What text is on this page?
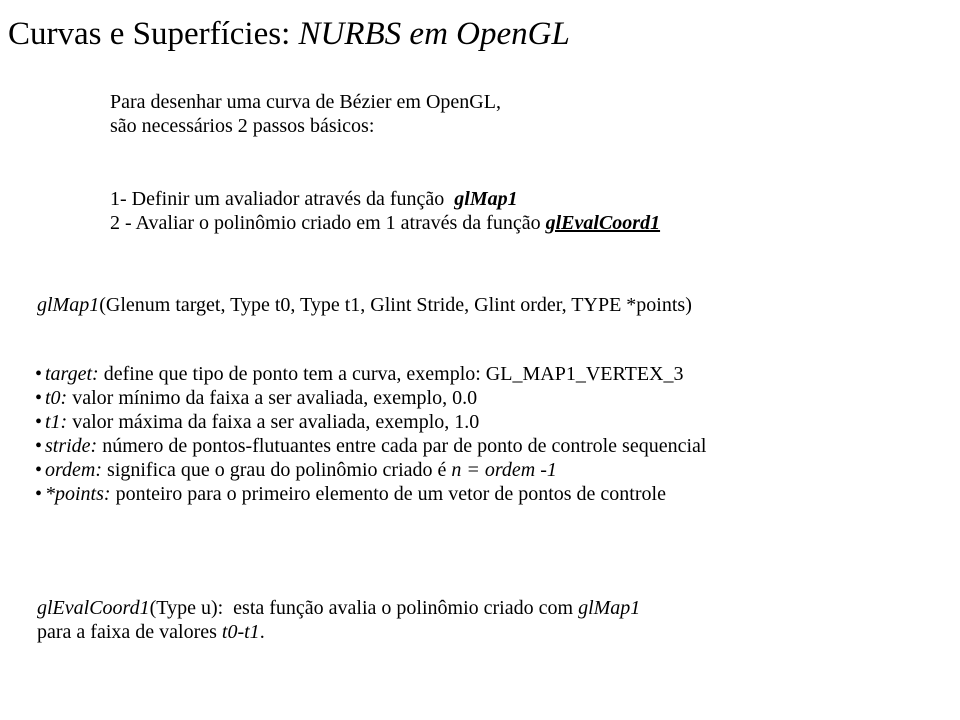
Curvas e Superfícies: NURBS em OpenGL
Para desenhar uma curva de Bézier em OpenGL,
são necessários 2 passos básicos:
1- Definir um avaliador através da função  glMap1
2 - Avaliar o polinômio criado em 1 através da função glEvalCoord1
glMap1(Glenum target, Type t0, Type t1, Glint Stride, Glint order, TYPE *points)
• target: define que tipo de ponto tem a curva, exemplo: GL_MAP1_VERTEX_3
• t0: valor mínimo da faixa a ser avaliada, exemplo, 0.0
• t1: valor máxima da faixa a ser avaliada, exemplo, 1.0
• stride: número de pontos-flutuantes entre cada par de ponto de controle sequencial
• ordem: significa que o grau do polinômio criado é n = ordem -1
• *points: ponteiro para o primeiro elemento de um vetor de pontos de controle
glEvalCoord1(Type u):  esta função avalia o polinômio criado com glMap1
para a faixa de valores t0-t1.
